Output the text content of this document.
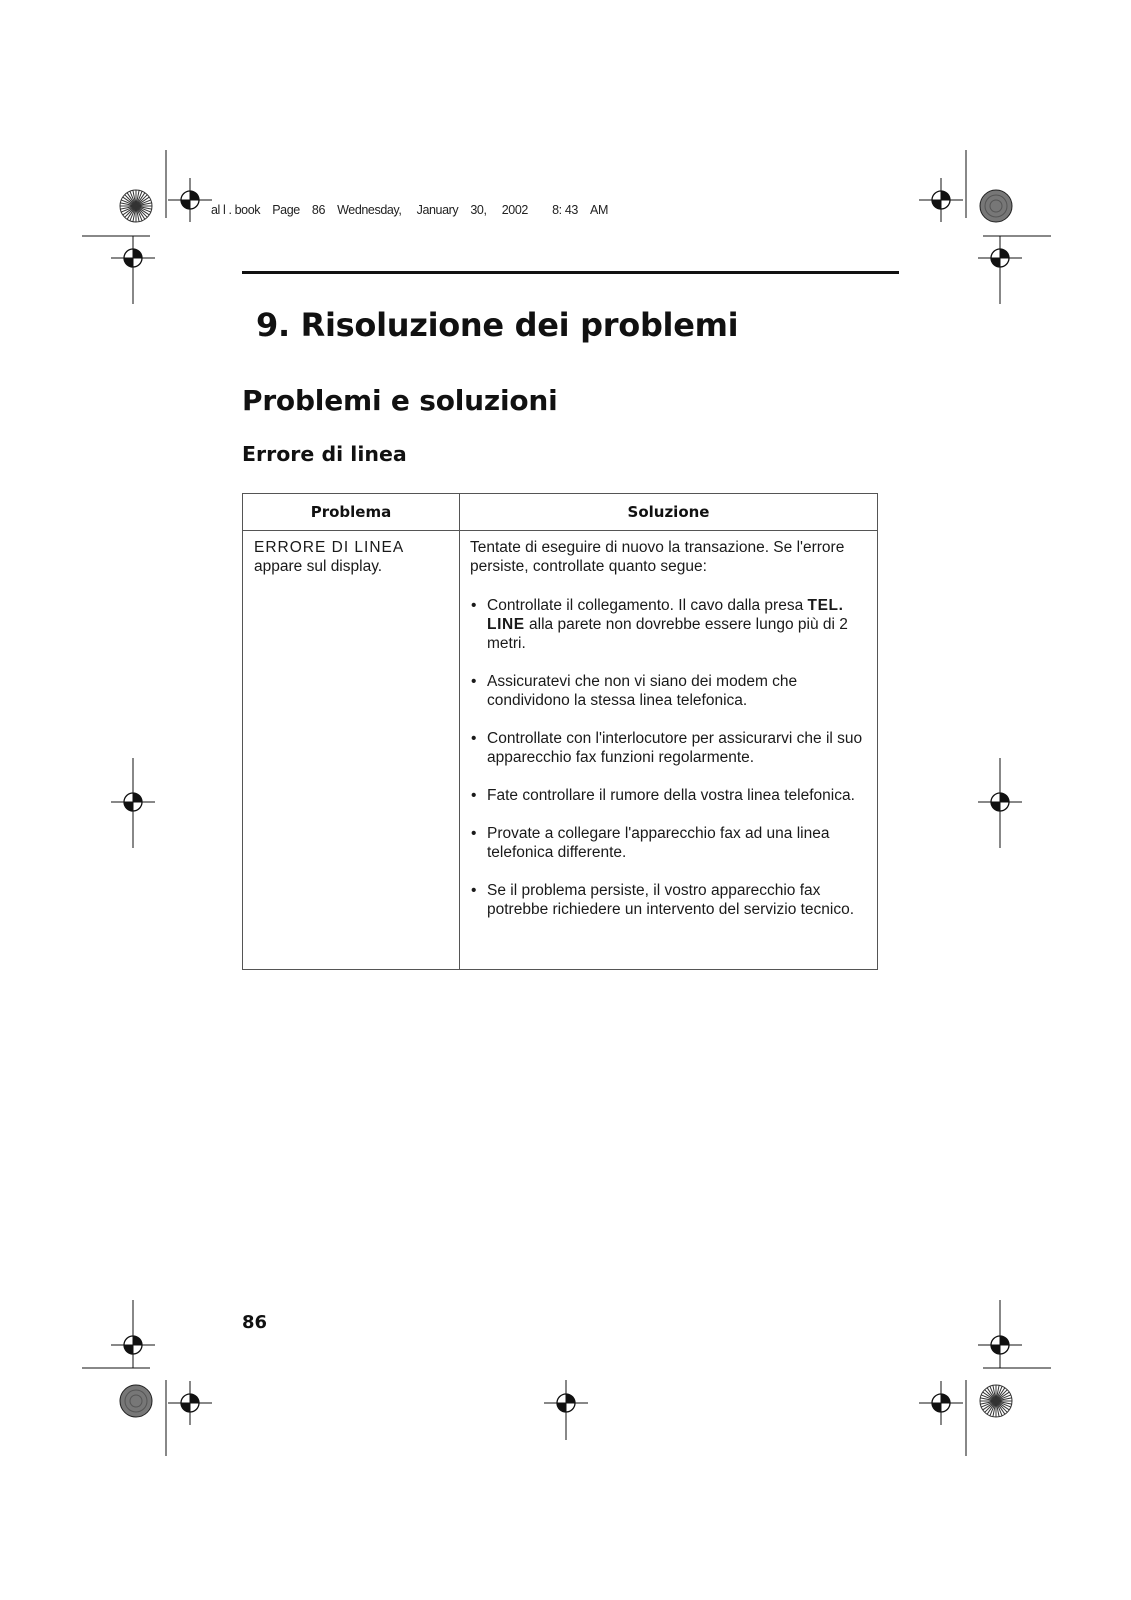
al l . book　Page　86　Wednesday, 　January　30, 　2002　　8: 43　AM
9. Risoluzione dei problemi
Problemi e soluzioni
Errore di linea
Problema	Soluzione
ERRORE DI LINEA
appare sul display.

Tentate di eseguire di nuovo la transazione. Se l'errore persiste, controllate quanto segue:

• Controllate il collegamento. Il cavo dalla presa TEL. LINE alla parete non dovrebbe essere lungo più di 2 metri.
• Assicuratevi che non vi siano dei modem che condividono la stessa linea telefonica.
• Controllate con l'interlocutore per assicurarvi che il suo apparecchio fax funzioni regolarmente.
• Fate controllare il rumore della vostra linea telefonica.
• Provate a collegare l'apparecchio fax ad una linea telefonica differente.
• Se il problema persiste, il vostro apparecchio fax potrebbe richiedere un intervento del servizio tecnico.
86
